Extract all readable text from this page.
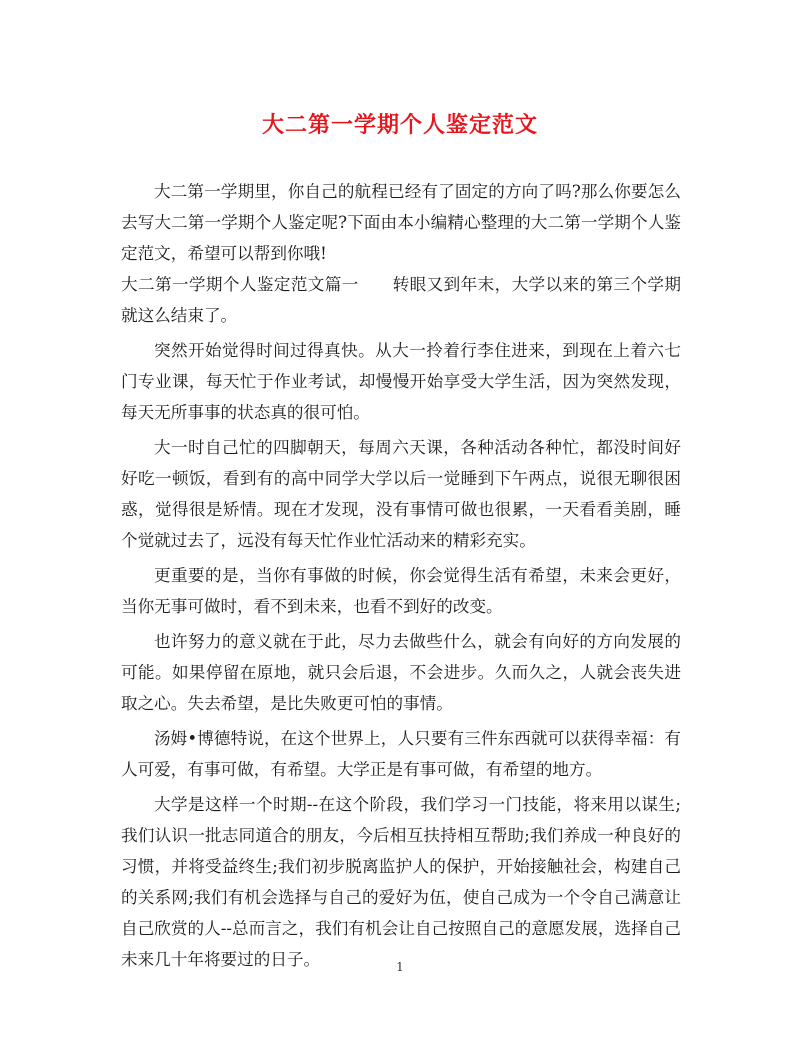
大二第一学期个人鉴定范文

大二第一学期里，你自己的航程已经有了固定的方向了吗?那么你要怎么去写大二第一学期个人鉴定呢?下面由本小编精心整理的大二第一学期个人鉴定范文，希望可以帮到你哦!

大二第一学期个人鉴定范文篇一　　转眼又到年末，大学以来的第三个学期就这么结束了。

突然开始觉得时间过得真快。从大一拎着行李住进来，到现在上着六七门专业课，每天忙于作业考试，却慢慢开始享受大学生活，因为突然发现，每天无所事事的状态真的很可怕。

大一时自己忙的四脚朝天，每周六天课，各种活动各种忙，都没时间好好吃一顿饭，看到有的高中同学大学以后一觉睡到下午两点，说很无聊很困惑，觉得很是矫情。现在才发现，没有事情可做也很累，一天看看美剧，睡个觉就过去了，远没有每天忙作业忙活动来的精彩充实。

更重要的是，当你有事做的时候，你会觉得生活有希望，未来会更好，当你无事可做时，看不到未来，也看不到好的改变。

也许努力的意义就在于此，尽力去做些什么，就会有向好的方向发展的可能。如果停留在原地，就只会后退，不会进步。久而久之，人就会丧失进取之心。失去希望，是比失败更可怕的事情。

汤姆•博德特说，在这个世界上，人只要有三件东西就可以获得幸福：有人可爱，有事可做，有希望。大学正是有事可做，有希望的地方。

大学是这样一个时期--在这个阶段，我们学习一门技能，将来用以谋生;我们认识一批志同道合的朋友，今后相互扶持相互帮助;我们养成一种良好的习惯，并将受益终生;我们初步脱离监护人的保护，开始接触社会，构建自己的关系网;我们有机会选择与自己的爱好为伍，使自己成为一个令自己满意让自己欣赏的人--总而言之，我们有机会让自己按照自己的意愿发展，选择自己未来几十年将要过的日子。	1
